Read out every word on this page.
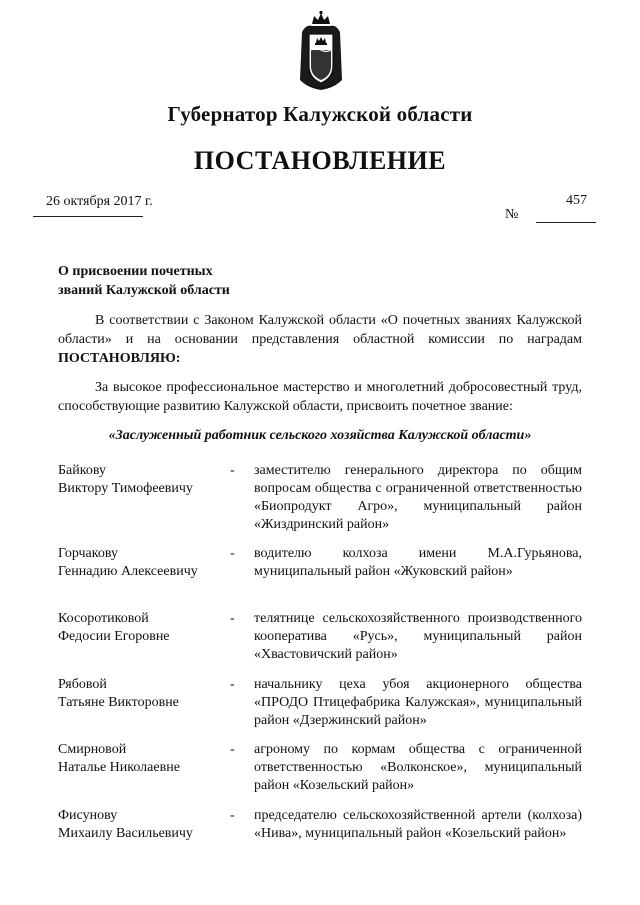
Губернатор Калужской области
ПОСТАНОВЛЕНИЕ
26 октября 2017 г.	457
№
О присвоении почетных
званий Калужской области
В соответствии с Законом Калужской области «О почетных званиях Калужской области» и на основании представления областной комиссии по наградам ПОСТАНОВЛЯЮ:
За высокое профессиональное мастерство и многолетний добросовестный труд, способствующие развитию Калужской области, присвоить почетное звание:
«Заслуженный работник сельского хозяйства Калужской области»
Байкову
Виктору Тимофеевичу
- заместителю генерального директора по общим вопросам общества с ограниченной ответственностью «Биопродукт Агро», муниципальный район «Жиздринский район»
Горчакову
Геннадию Алексеевичу
- водителю колхоза имени М.А.Гурьянова, муниципальный район «Жуковский район»
Косоротиковой
Федосии Егоровне
- телятнице сельскохозяйственного производственного кооператива «Русь», муниципальный район «Хвастовичский район»
Рябовой
Татьяне Викторовне
- начальнику цеха убоя акционерного общества «ПРОДО Птицефабрика Калужская», муниципальный район «Дзержинский район»
Смирновой
Наталье Николаевне
- агроному по кормам общества с ограниченной ответственностью «Волконское», муниципальный район «Козельский район»
Фисунову
Михаилу Васильевичу
- председателю сельскохозяйственной артели (колхоза) «Нива», муниципальный район «Козельский район»
